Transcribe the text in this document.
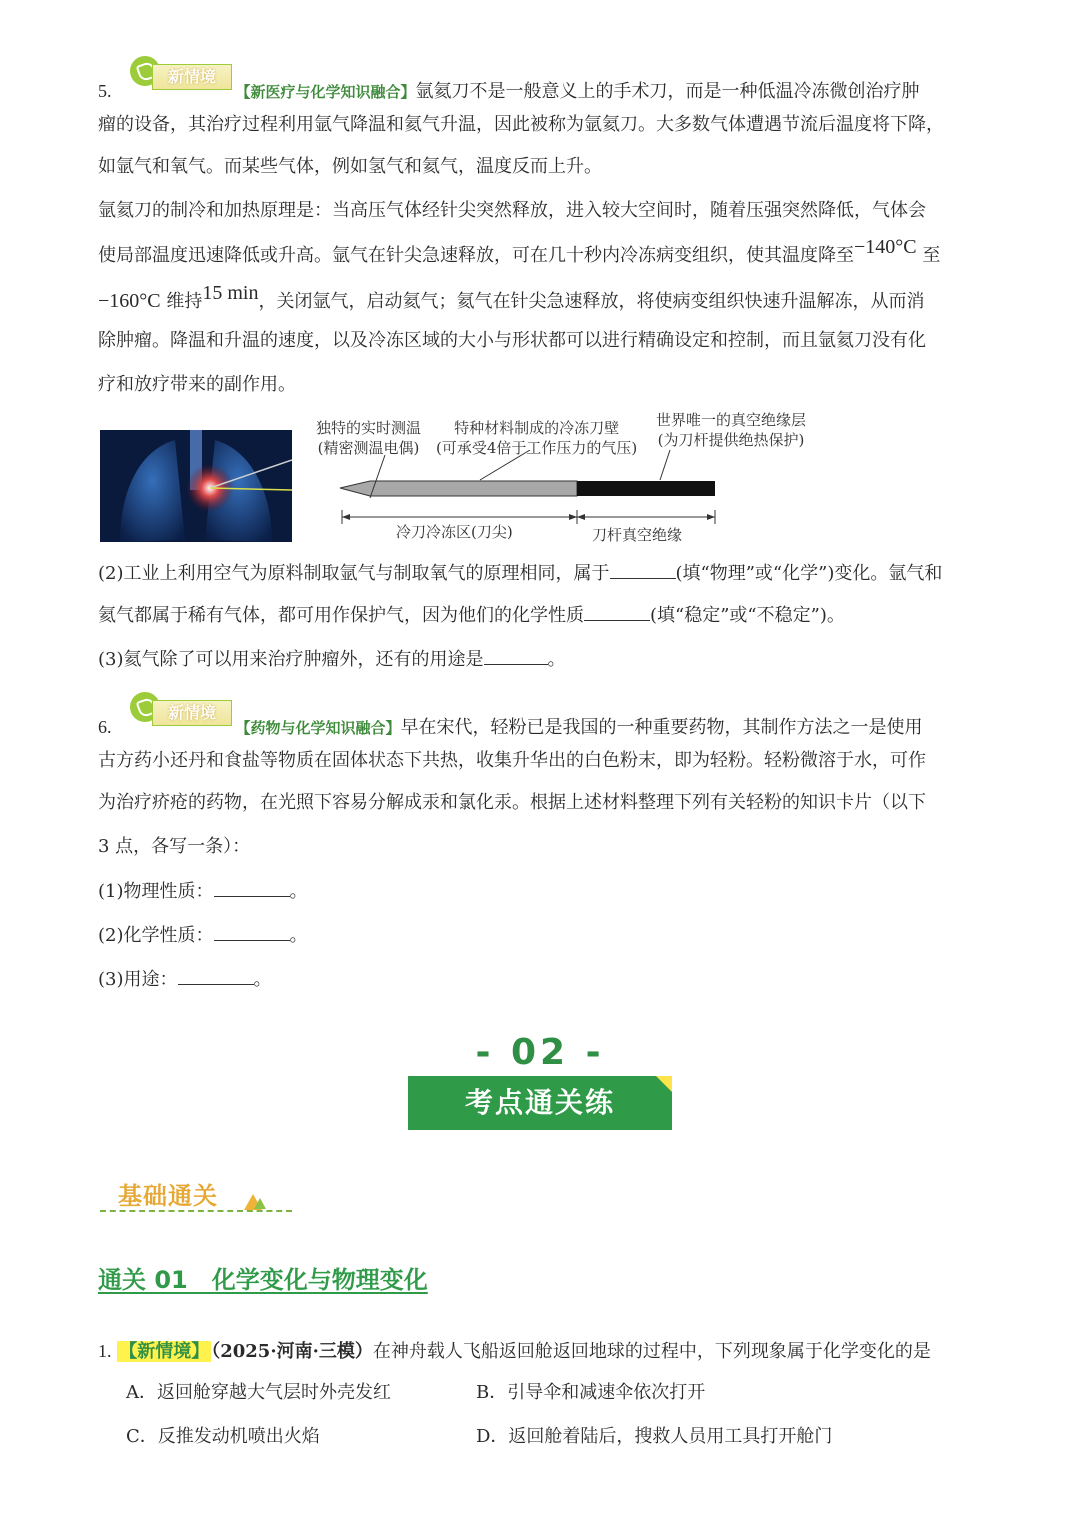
新情境
5.	【新医疗与化学知识融合】氩氦刀不是一般意义上的手术刀，而是一种低温冷冻微创治疗肿
瘤的设备，其治疗过程利用氩气降温和氦气升温，因此被称为氩氦刀。大多数气体遭遇节流后温度将下降，
如氩气和氧气。而某些气体，例如氢气和氦气，温度反而上升。
氩氦刀的制冷和加热原理是：当高压气体经针尖突然释放，进入较大空间时，随着压强突然降低，气体会
使局部温度迅速降低或升高。氩气在针尖急速释放，可在几十秒内冷冻病变组织，使其温度降至−140°C 至
−160°C 维持15 min，关闭氩气，启动氦气；氦气在针尖急速释放，将使病变组织快速升温解冻，从而消
除肿瘤。降温和升温的速度，以及冷冻区域的大小与形状都可以进行精确设定和控制，而且氩氦刀没有化
疗和放疗带来的副作用。
独特的实时测温
(精密测温电偶)
特种材料制成的冷冻刀壁
(可承受4倍于工作压力的气压)
世界唯一的真空绝缘层
(为刀杆提供绝热保护)
冷刀冷冻区(刀尖)	刀杆真空绝缘
(2)工业上利用空气为原料制取氩气与制取氧气的原理相同，属于	(填“物理”或“化学”)变化。氩气和
氦气都属于稀有气体，都可用作保护气，因为他们的化学性质	(填“稳定”或“不稳定”)。
(3)氦气除了可以用来治疗肿瘤外，还有的用途是	。
新情境
6.	【药物与化学知识融合】早在宋代，轻粉已是我国的一种重要药物，其制作方法之一是使用
古方药小还丹和食盐等物质在固体状态下共热，收集升华出的白色粉末，即为轻粉。轻粉微溶于水，可作
为治疗疥疮的药物，在光照下容易分解成汞和氯化汞。根据上述材料整理下列有关轻粉的知识卡片（以下
3 点，各写一条）：
(1)物理性质：	。
(2)化学性质：	。
(3)用途：	。
- 02 -
考点通关练
基础通关
通关 01　化学变化与物理变化
1. 【新情境】 （2025·河南·三模）在神舟载人飞船返回舱返回地球的过程中，下列现象属于化学变化的是
A．返回舱穿越大气层时外壳发红	B．引导伞和减速伞依次打开
C．反推发动机喷出火焰	D．返回舱着陆后，搜救人员用工具打开舱门
